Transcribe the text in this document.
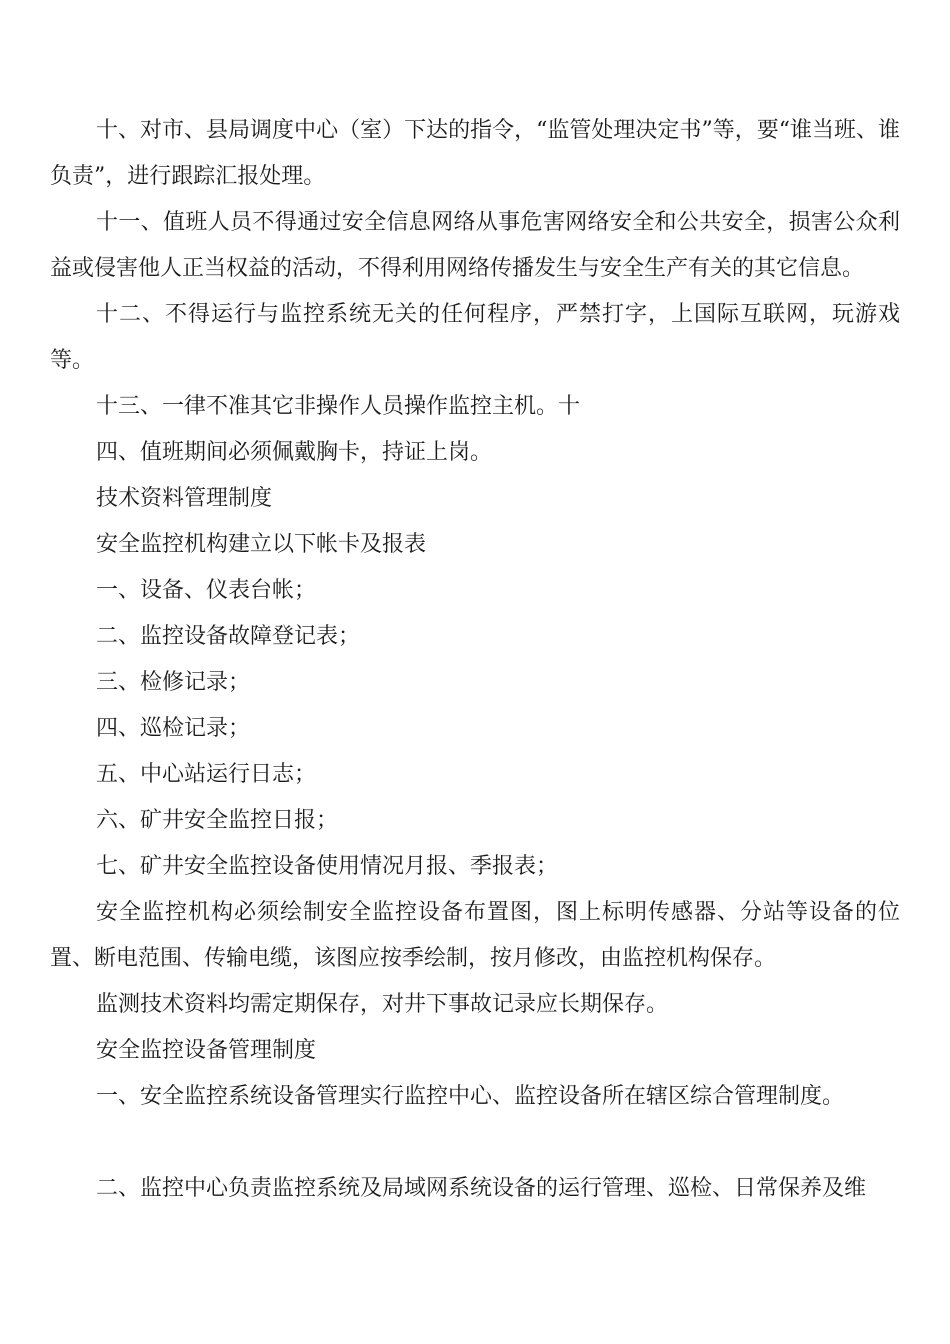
十、对市、县局调度中心（室）下达的指令，“监管处理决定书”等，要“谁当班、谁负责”，进行跟踪汇报处理。

十一、值班人员不得通过安全信息网络从事危害网络安全和公共安全，损害公众利益或侵害他人正当权益的活动，不得利用网络传播发生与安全生产有关的其它信息。

十二、不得运行与监控系统无关的任何程序，严禁打字，上国际互联网，玩游戏等。

十三、一律不准其它非操作人员操作监控主机。十

四、值班期间必须佩戴胸卡，持证上岗。

技术资料管理制度

安全监控机构建立以下帐卡及报表

一、设备、仪表台帐；

二、监控设备故障登记表；

三、检修记录；

四、巡检记录；

五、中心站运行日志；

六、矿井安全监控日报；

七、矿井安全监控设备使用情况月报、季报表；

安全监控机构必须绘制安全监控设备布置图，图上标明传感器、分站等设备的位置、断电范围、传输电缆，该图应按季绘制，按月修改，由监控机构保存。

监测技术资料均需定期保存，对井下事故记录应长期保存。

安全监控设备管理制度

一、安全监控系统设备管理实行监控中心、监控设备所在辖区综合管理制度。

二、监控中心负责监控系统及局域网系统设备的运行管理、巡检、日常保养及维
